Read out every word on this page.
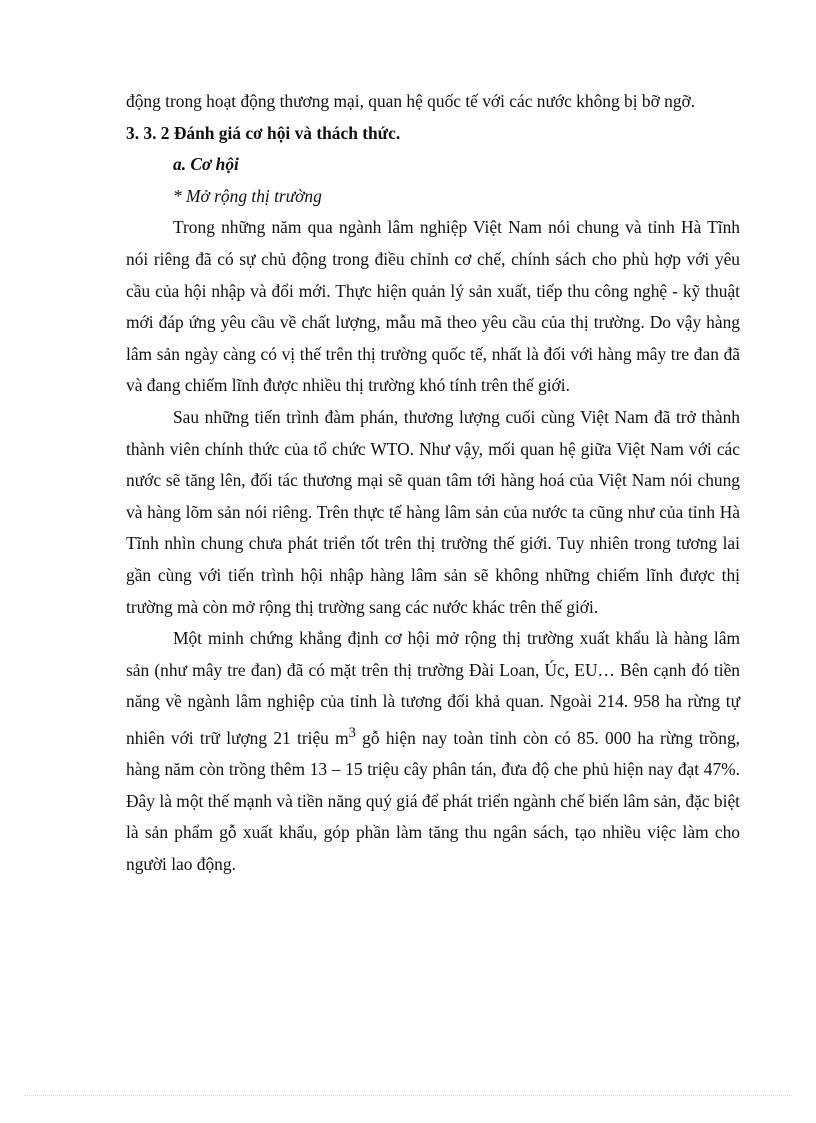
động trong hoạt động thương mại, quan hệ quốc tế với các nước không bị bỡ ngỡ.

3. 3. 2 Đánh giá cơ hội và thách thức.

a. Cơ hội

* Mở rộng thị trường

Trong những năm qua ngành lâm nghiệp Việt Nam nói chung và tỉnh Hà Tĩnh nói riêng đã có sự chủ động trong điều chỉnh cơ chế, chính sách cho phù hợp với yêu cầu của hội nhập và đổi mới. Thực hiện quản lý sản xuất, tiếp thu công nghệ - kỹ thuật mới đáp ứng yêu cầu về chất lượng, mẫu mã theo yêu cầu của thị trường. Do vậy hàng lâm sản ngày càng có vị thế trên thị trường quốc tế, nhất là đối với hàng mây tre đan đã và đang chiếm lĩnh được nhiều thị trường khó tính trên thế giới.

Sau những tiến trình đàm phán, thương lượng cuối cùng Việt Nam đã trở thành thành viên chính thức của tổ chức WTO. Như vậy, mối quan hệ giữa Việt Nam với các nước sẽ tăng lên, đối tác thương mại sẽ quan tâm tới hàng hoá của Việt Nam nói chung và hàng lõm sản nói riêng. Trên thực tế hàng lâm sản của nước ta cũng như của tỉnh Hà Tĩnh nhìn chung chưa phát triển tốt trên thị trường thế giới. Tuy nhiên trong tương lai gần cùng với tiến trình hội nhập hàng lâm sản sẽ không những chiếm lĩnh được thị trường mà còn mở rộng thị trường sang các nước khác trên thế giới.

Một minh chứng khẳng định cơ hội mở rộng thị trường xuất khẩu là hàng lâm sản (như mây tre đan) đã có mặt trên thị trường Đài Loan, Úc, EU… Bên cạnh đó tiền năng về ngành lâm nghiệp của tỉnh là tương đối khả quan. Ngoài 214. 958 ha rừng tự nhiên với trữ lượng 21 triệu $m^3$ gỗ hiện nay toàn tỉnh còn có 85. 000 ha rừng trồng, hàng năm còn trồng thêm 13 – 15 triệu cây phân tán, đưa độ che phủ hiện nay đạt 47%. Đây là một thế mạnh và tiền năng quý giá để phát triển ngành chế biến lâm sản, đặc biệt là sản phẩm gỗ xuất khẩu, góp phần làm tăng thu ngân sách, tạo nhiều việc làm cho người lao động.
